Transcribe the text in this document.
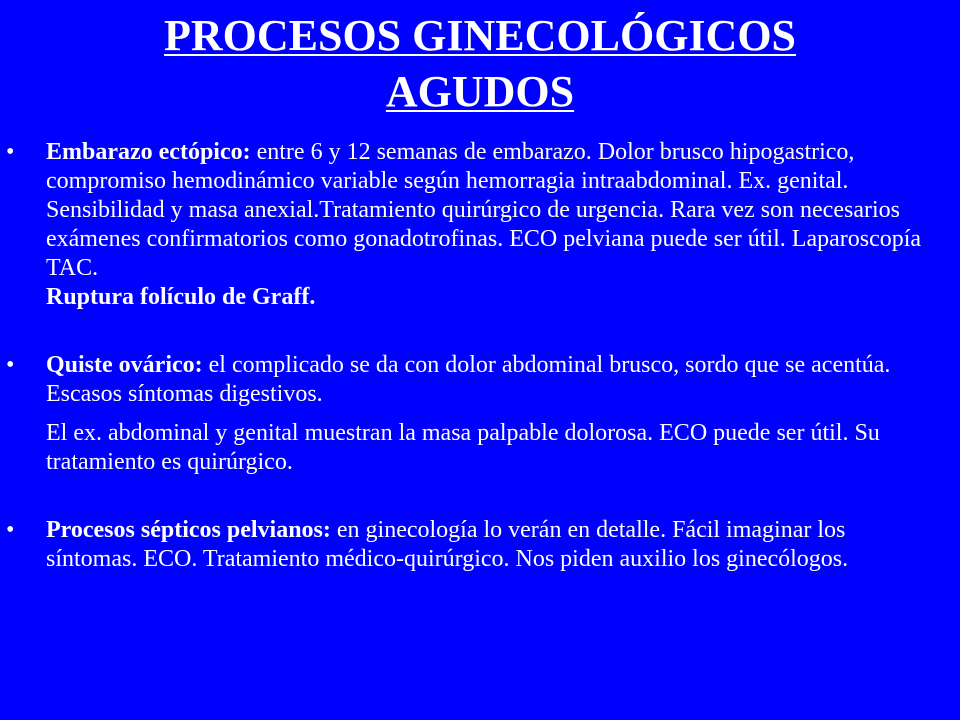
PROCESOS GINECOLÓGICOS
AGUDOS
• Embarazo ectópico: entre 6 y 12 semanas de embarazo. Dolor brusco hipogastrico, compromiso hemodinámico variable según hemorragia intraabdominal. Ex. genital. Sensibilidad y masa anexial.Tratamiento quirúrgico de urgencia. Rara vez son necesarios exámenes confirmatorios como gonadotrofinas. ECO pelviana puede ser útil. Laparoscopía TAC.
Ruptura folículo de Graff.
• Quiste ovárico: el complicado se da con dolor abdominal brusco, sordo que se acentúa. Escasos síntomas digestivos.
El ex. abdominal y genital muestran la masa palpable dolorosa. ECO puede ser útil. Su tratamiento es quirúrgico.
• Procesos sépticos pelvianos: en ginecología lo verán en detalle. Fácil imaginar los síntomas. ECO. Tratamiento médico-quirúrgico. Nos piden auxilio los ginecólogos.
